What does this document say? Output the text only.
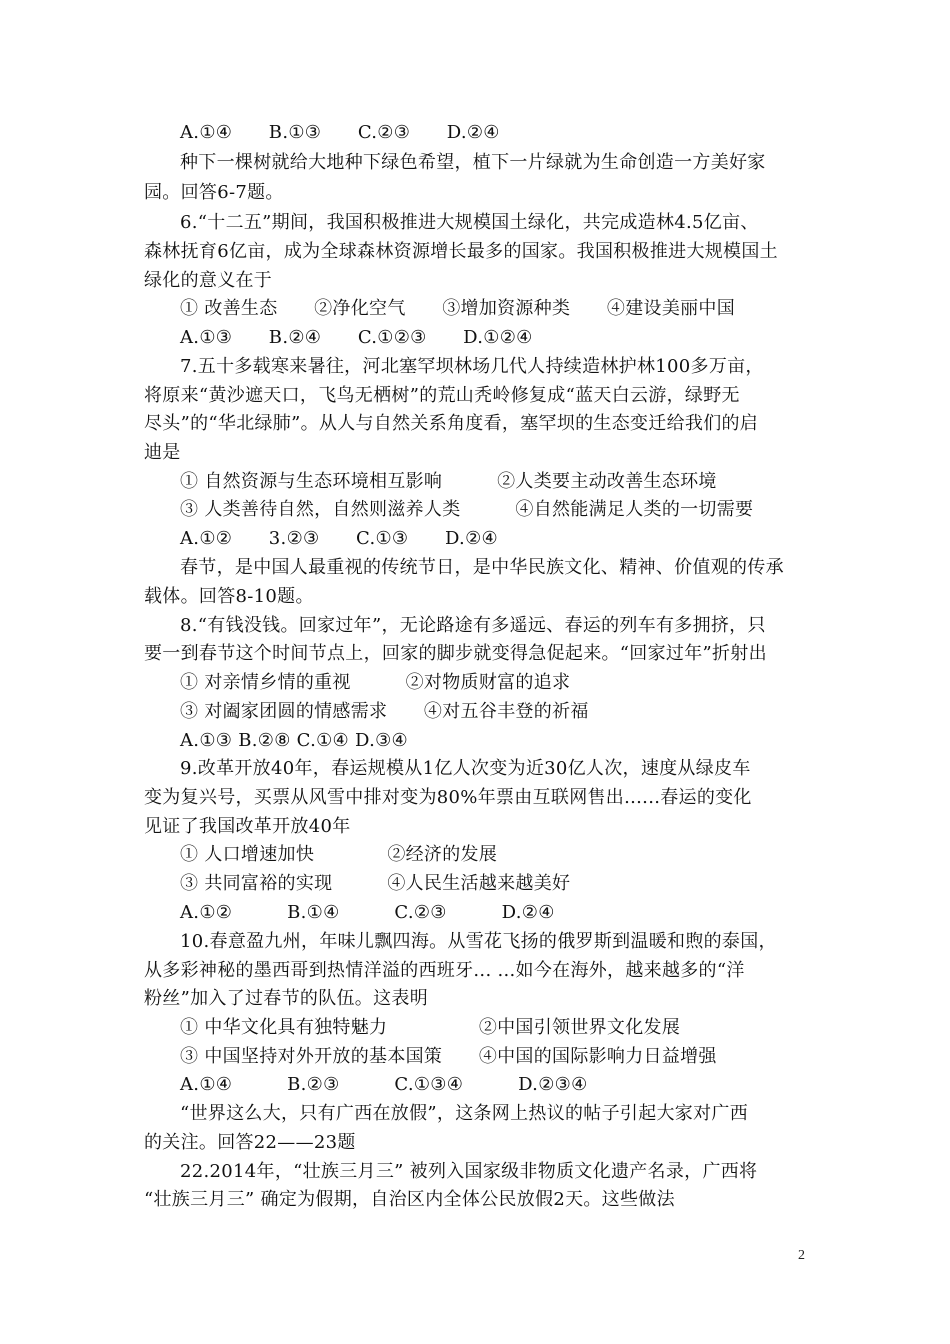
A.①④　　B.①③　　C.②③　　D.②④
种下一棵树就给大地种下绿色希望，植下一片绿就为生命创造一方美好家
园。回答6-7题。
6.“十二五”期间，我国积极推进大规模国土绿化，共完成造林4.5亿亩、
森林抚育6亿亩，成为全球森林资源增长最多的国家。我国积极推进大规模国土
绿化的意义在于
① 改善生态　　②净化空气　　③增加资源种类　　④建设美丽中国
A.①③　　B.②④　　C.①②③　　D.①②④
7.五十多载寒来暑往，河北塞罕坝林场几代人持续造林护林100多万亩，
将原来“黄沙遮天口，飞鸟无栖树”的荒山秃岭修复成“蓝天白云游，绿野无
尽头”的“华北绿肺”。从人与自然关系角度看，塞罕坝的生态变迁给我们的启
迪是
① 自然资源与生态环境相互影响　　　②人类要主动改善生态环境
③ 人类善待自然，自然则滋养人类　　　④自然能满足人类的一切需要
A.①②　　3.②③　　C.①③　　D.②④
春节，是中国人最重视的传统节日，是中华民族文化、精神、价值观的传承
载体。回答8-10题。
8.“有钱没钱。回家过年”，无论路途有多遥远、春运的列车有多拥挤，只
要一到春节这个时间节点上，回家的脚步就变得急促起来。“回家过年”折射出
① 对亲情乡情的重视　　　②对物质财富的追求
③ 对阖家团圆的情感需求　　④对五谷丰登的祈福
A.①③ B.②⑧ C.①④ D.③④
9.改革开放40年，春运规模从1亿人次变为近30亿人次，速度从绿皮车
变为复兴号，买票从风雪中排对变为80%年票由互联网售出......春运的变化
见证了我国改革开放40年
① 人口增速加快　　　　②经济的发展
③ 共同富裕的实现　　　④人民生活越来越美好
A.①②　　　B.①④　　　C.②③　　　D.②④
10.春意盈九州，年味儿飘四海。从雪花飞扬的俄罗斯到温暖和煦的泰国，
从多彩神秘的墨西哥到热情洋溢的西班牙... ...如今在海外，越来越多的“洋
粉丝”加入了过春节的队伍。这表明
① 中华文化具有独特魅力　　　　　②中国引领世界文化发展
③ 中国坚持对外开放的基本国策　　④中国的国际影响力日益增强
A.①④　　　B.②③　　　C.①③④　　　D.②③④
“世界这么大，只有广西在放假”，这条网上热议的帖子引起大家对广西
的关注。回答22——23题
22.2014年，“壮族三月三” 被列入国家级非物质文化遗产名录，广西将
“壮族三月三” 确定为假期，自治区内全体公民放假2天。这些做法
2
